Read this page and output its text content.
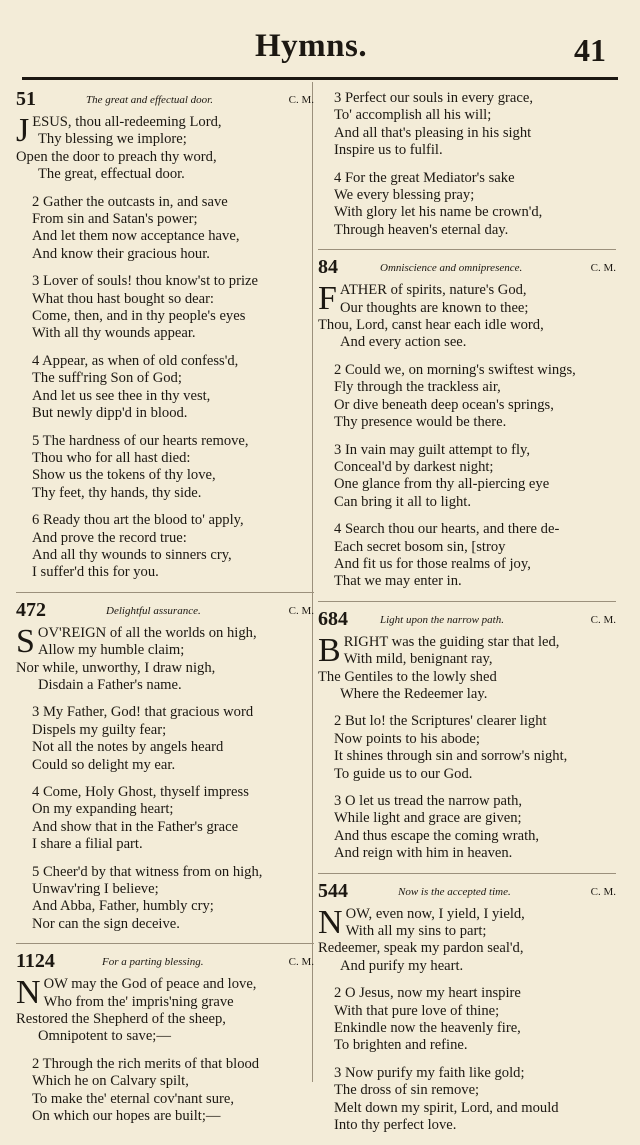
Hymns.	41
51	The great and effectual door.	C. M.
JESUS, thou all-redeeming Lord,
Thy blessing we implore;
Open the door to preach thy word,
The great, effectual door.
2 Gather the outcasts in, and save
From sin and Satan's power;
And let them now acceptance have,
And know their gracious hour.
3 Lover of souls! thou know'st to prize
What thou hast bought so dear:
Come, then, and in thy people's eyes
With all thy wounds appear.
4 Appear, as when of old confess'd,
The suff'ring Son of God;
And let us see thee in thy vest,
But newly dipp'd in blood.
5 The hardness of our hearts remove,
Thou who for all hast died:
Show us the tokens of thy love,
Thy feet, thy hands, thy side.
6 Ready thou art the blood to' apply,
And prove the record true:
And all thy wounds to sinners cry,
I suffer'd this for you.
472	Delightful assurance.	C. M.
SOV'REIGN of all the worlds on high,
Allow my humble claim;
Nor while, unworthy, I draw nigh,
Disdain a Father's name.
3 My Father, God! that gracious word
Dispels my guilty fear;
Not all the notes by angels heard
Could so delight my ear.
4 Come, Holy Ghost, thyself impress
On my expanding heart;
And show that in the Father's grace
I share a filial part.
5 Cheer'd by that witness from on high,
Unwav'ring I believe;
And Abba, Father, humbly cry;
Nor can the sign deceive.
1124	For a parting blessing.	C. M.
NOW may the God of peace and love,
Who from the' impris'ning grave
Restored the Shepherd of the sheep,
Omnipotent to save;—
2 Through the rich merits of that blood
Which he on Calvary spilt,
To make the' eternal cov'nant sure,
On which our hopes are built;—
3 Perfect our souls in every grace,
To' accomplish all his will;
And all that's pleasing in his sight
Inspire us to fulfil.
4 For the great Mediator's sake
We every blessing pray;
With glory let his name be crown'd,
Through heaven's eternal day.
84	Omniscience and omnipresence.	C. M.
FATHER of spirits, nature's God,
Our thoughts are known to thee;
Thou, Lord, canst hear each idle word,
And every action see.
2 Could we, on morning's swiftest wings,
Fly through the trackless air,
Or dive beneath deep ocean's springs,
Thy presence would be there.
3 In vain may guilt attempt to fly,
Conceal'd by darkest night;
One glance from thy all-piercing eye
Can bring it all to light.
4 Search thou our hearts, and there de-
Each secret bosom sin, [stroy
And fit us for those realms of joy,
That we may enter in.
684	Light upon the narrow path.	C. M.
BRIGHT was the guiding star that led,
With mild, benignant ray,
The Gentiles to the lowly shed
Where the Redeemer lay.
2 But lo! the Scriptures' clearer light
Now points to his abode;
It shines through sin and sorrow's night,
To guide us to our God.
3 O let us tread the narrow path,
While light and grace are given;
And thus escape the coming wrath,
And reign with him in heaven.
544	Now is the accepted time.	C. M.
NOW, even now, I yield, I yield,
With all my sins to part;
Redeemer, speak my pardon seal'd,
And purify my heart.
2 O Jesus, now my heart inspire
With that pure love of thine;
Enkindle now the heavenly fire,
To brighten and refine.
3 Now purify my faith like gold;
The dross of sin remove;
Melt down my spirit, Lord, and mould
Into thy perfect love.
